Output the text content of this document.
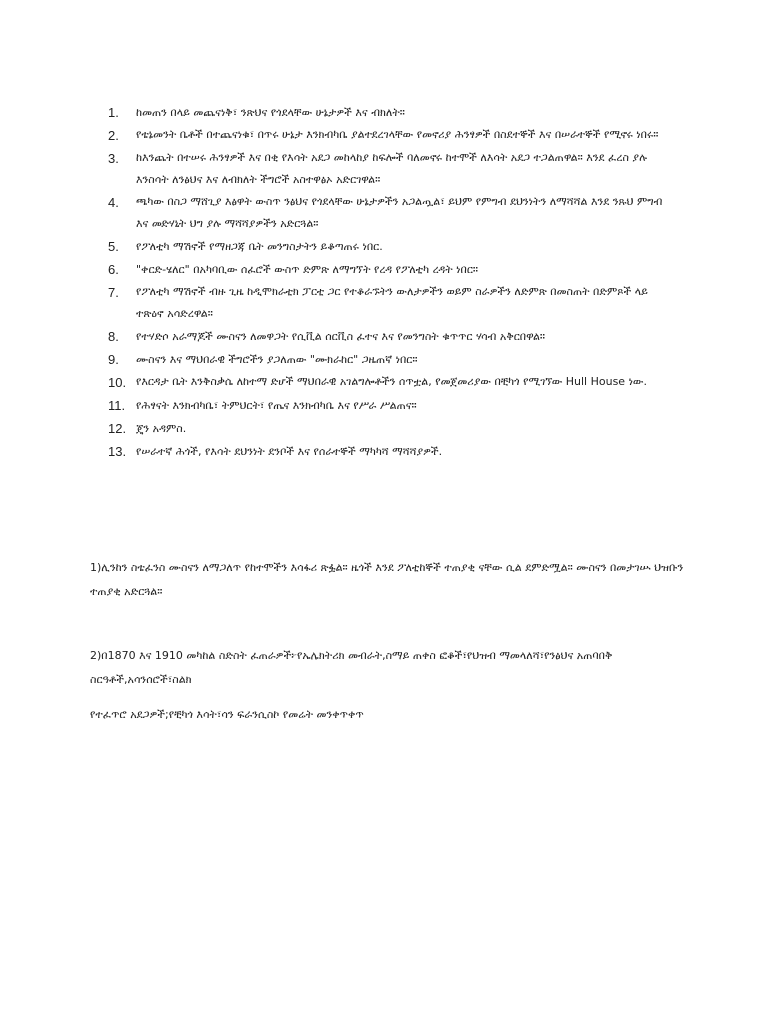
1.	ከመጠን በላይ መጨናነቅ፣ ንጽህና የጎደላቸው ሁኔታዎች እና ብክለት።
2.	የቴኔመንት ቤቶች በተጨናነቁ፣ በጥሩ ሁኔታ እንክብካቤ ያልተደረገላቸው የመኖሪያ ሕንፃዎች በስደተኞች እና በሠራተኞች የሚኖሩ ነበሩ።
3.	ከእንጨት በተሠሩ ሕንፃዎች እና በቂ የእሳት አደጋ መከላከያ ከፍሎች ባለመኖሩ ከተሞች ለእሳት አደጋ ተጋልጠዋል። እንደ ፈረስ ያሉ እንስሳት ለንፅህና እና ለብክለት ችግሮች አስተዋፅኦ አድርገዋል።
4.	ጫካው በስጋ ማሸጊያ እፅዋት ውስጥ ንፅህና የጎደላቸው ሁኔታዎችን አጋልጧል፣ ይህም የምግብ ደህንነትን ለማሻሻል እንደ ንጹህ ምግብ እና መድሃኒት ህግ ያሉ ማሻሻያዎችን አድርጓል።
5.	የፖለቲካ ማሽኖች የማዘጋጃ ቤት መንግስታትን ይቆጣጠሩ ነበር.
6.	"ቀርድ-ሄለር" በአካባቢው ሰፈሮች ውስጥ ድምጽ ለማግኘት የረዳ የፖለቲካ ረዳት ነበር።
7.	የፖለቲካ ማሽኖች ብዙ ጊዜ ከዲሞክራቲክ ፓርቲ ጋር የተቆራኙትን ውለታዎችን ወይም ስራዎችን ለድምጽ በመስጠት በድምጾች ላይ ተጽዕኖ አሳድረዋል።
8.	የተሃድሶ አራማጆች ሙስናን ለመዋጋት የሲቪል ሰርቪስ ፈተና እና የመንግስት ቁጥጥር ሃሳብ አቅርበዋል።
9.	ሙስናን እና ማህበራዊ ችግሮችን ያጋለጠው "ሙክራከር" ጋዜጠኛ ነበር።
10. የእርዳታ ቤት እንቅስቃሴ ለከተማ ድሆች ማህበራዊ አገልግሎቶችን ሰጥቷል, የመጀመሪያው በቺካጎ የሚገኘው Hull House ነው.
11. የሕፃናት እንክብካቤ፣ ትምህርት፣ የጤና እንክብካቤ እና የሥራ ሥልጠና።
12. ጄን አዳምስ.
13. የሠራተኛ ሕጎች, የእሳት ደህንነት ደንቦች እና የሰራተኞች ማካካሻ ማሻሻያዎች.

1)ሊንከን ስቴፈንስ ሙስናን ለማጋለጥ የከተሞችን እሳፋሪ ጽፏል። ዜጎች እንደ ፖለቲከኞች ተጠያቂ ናቸው ሲል ደምድሟል። ሙስናን በመታገሡ ህዝቡን ተጠያቂ አድርጓል።

2)በ1870 እና 1910 መካከል ስድስት ፈጠራዎች፦የኤሌክትሪክ መብራት,ስማይ ጠቀስ ፎቆች፣የህዝብ ማመላለሻ፣የንፅህና አጠባበቅ ስርዓቶች,አሳንሰሮች፣ስልክ

የተፈጥሮ አደጋዎች;የቺካጎ እሳት፣ሳን ፍራንሲስኮ የመሬት መንቀጥቀጥ
